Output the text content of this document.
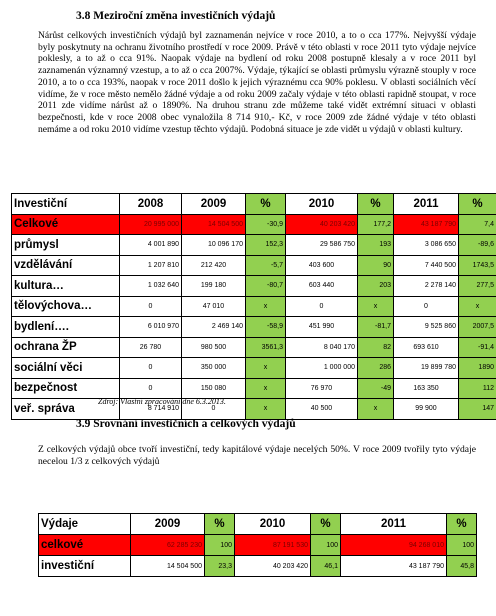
3.8 Meziroční změna investičních výdajů

Nárůst celkových investičních výdajů byl zaznamenán nejvíce v roce 2010, a to o cca 177%. Nejvyšší výdaje byly poskytnuty na ochranu životního prostředí v roce 2009. Právě v této oblasti v roce 2011 tyto výdaje nejvíce poklesly, a to až o cca 91%. Naopak výdaje na bydlení od roku 2008 postupně klesaly a v roce 2011 byl zaznamenán významný vzestup, a to až o cca 2007%. Výdaje, týkající se oblasti průmyslu výrazně stouply v roce 2010, a to o cca 193%, naopak v roce 2011 došlo k jejich výraznému cca 90% poklesu. V oblasti sociálních věcí vidíme, že v roce město nemělo žádné výdaje a od roku 2009 začaly výdaje v této oblasti rapidně stoupat, v roce 2011 zde vidíme nárůst až o 1890%. Na druhou stranu zde můžeme také vidět extrémní situaci v oblasti bezpečnosti, kde v roce 2008 obec vynaložila 8 714 910,- Kč, v roce 2009 zde žádné výdaje v této oblasti nemáme a od roku 2010 vidíme vzestup těchto výdajů. Podobná situace je zde vidět u výdajů v oblasti kultury.

Investiční	2008	2009	%	2010	%	2011	%
Celkové	20 995 000	14 504 500	-30,9	40 203 420	177,2	43 187 790	7,4
průmysl	4 001 890	10 096 170	152,3	29 586 750	193	3 086 650	-89,6
vzdělávání	1 207 810	212 420	-5,7	403 600	90	7 440 500	1743,5
kultura…	1 032 640	199 180	-80,7	603 440	203	2 278 140	277,5
tělovýchova…	0	47 010	x	0	x	0	x
bydlení….	6 010 970	2 469 140	-58,9	451 990	-81,7	9 525 860	2007,5
ochrana ŽP	26 780	980 500	3561,3	8 040 170	82	693 610	-91,4
sociální věci	0	350 000	x	1 000 000	286	19 899 780	1890
bezpečnost	0	150 080	x	76 970	-49	163 350	112
veř. správa	8 714 910	0	x	40 500	x	99 900	147
Zdroj: Vlastní zpracování dne 6.3.2013.
3.9 Srovnání investičních a celkových výdajů

Z celkových výdajů obce tvoří investiční, tedy kapitálové výdaje necelých 50%. V roce 2009 tvořily tyto výdaje necelou 1/3 z celkových výdajů

Výdaje	2009	%	2010	%	2011	%
celkové	62 285 230	100	87 191 530	100	94 268 010	100
investiční	14 504 500	23,3	40 203 420	46,1	43 187 790	45,8
